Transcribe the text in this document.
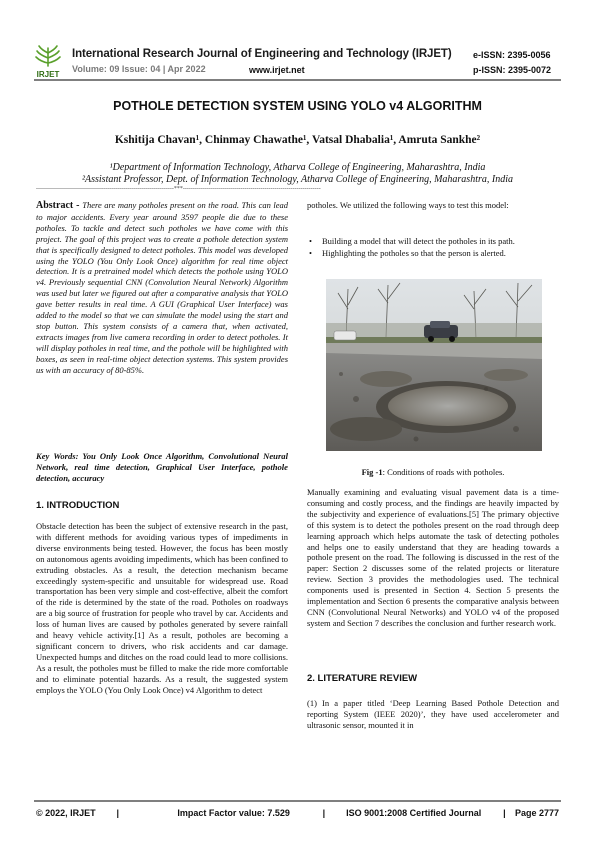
IRJET
International Research Journal of Engineering and Technology (IRJET)
Volume: 09 Issue: 04 | Apr 2022	www.irjet.net
e-ISSN: 2395-0056
p-ISSN: 2395-0072
POTHOLE DETECTION SYSTEM USING YOLO v4 ALGORITHM
Kshitija Chavan¹, Chinmay Chawathe¹, Vatsal Dhabalia¹, Amruta Sankhe²
¹Department of Information Technology, Atharva College of Engineering, Maharashtra, India
²Assistant Professor, Dept. of Information Technology, Atharva College of Engineering, Maharashtra, India
---------------------------------------------------------------------***---------------------------------------------------------------------
Abstract - There are many potholes present on the road. This can lead to major accidents. Every year around 3597 people die due to these potholes. To tackle and detect such potholes we have come with this project. The goal of this project was to create a pothole detection system that is specifically designed to detect potholes. This model was developed using the YOLO (You Only Look Once) algorithm for real time object detection. It is a pretrained model which detects the pothole using YOLO v4. Previously sequential CNN (Convolution Neural Network) Algorithm was used but later we figured out after a comparative analysis that YOLO gave better results in real time. A GUI (Graphical User Interface) was added to the model so that we can simulate the model using the start and stop button. This system consists of a camera that, when activated, extracts images from live camera recording in order to detect potholes. It will display potholes in real time, and the pothole will be highlighted with boxes, as seen in real-time object detection systems. This system provides us with an accuracy of 80-85%.
Key Words: You Only Look Once Algorithm, Convolutional Neural Network, real time detection, Graphical User Interface, pothole detection, accuracy
1. INTRODUCTION
Obstacle detection has been the subject of extensive research in the past, with different methods for avoiding various types of impediments in diverse environments being tested. However, the focus has been mostly on autonomous agents avoiding impediments, which has been confined to extruding obstacles. As a result, the detection mechanism became exceedingly system-specific and unsuitable for widespread use. Road transportation has been very simple and cost-effective, albeit the comfort of the ride is determined by the state of the road. Potholes on roadways are a big source of frustration for people who travel by car. Accidents and loss of human lives are caused by potholes generated by severe rainfall and heavy vehicle activity.[1] As a result, potholes are becoming a significant concern to drivers, who risk accidents and car damage. Unexpected humps and ditches on the road could lead to more collisions. As a result, the potholes must be filled to make the ride more comfortable and to eliminate potential hazards. As a result, the suggested system employs the YOLO (You Only Look Once) v4 Algorithm to detect
potholes. We utilized the following ways to test this model:
• Building a model that will detect the potholes in its path.
• Highlighting the potholes so that the person is alerted.
Fig -1: Conditions of roads with potholes.
Manually examining and evaluating visual pavement data is a time-consuming and costly process, and the findings are heavily impacted by the subjectivity and experience of evaluations.[5] The primary objective of this system is to detect the potholes present on the road through deep learning approach which helps automate the task of detecting potholes and helps one to easily understand that they are heading towards a pothole present on the road. The following is discussed in the rest of the paper: Section 2 discusses some of the related projects or literature review. Section 3 provides the methodologies used. The technical components used is presented in Section 4. Section 5 presents the implementation and Section 6 presents the comparative analysis between CNN (Convolutional Neural Networks) and YOLO v4 of the proposed system and Section 7 describes the conclusion and further research work.
2. LITERATURE REVIEW
(1) In a paper titled ‘Deep Learning Based Pothole Detection and reporting System (IEEE 2020)’, they have used accelerometer and ultrasonic sensor, mounted it in
© 2022, IRJET	|	Impact Factor value: 7.529	|	ISO 9001:2008 Certified Journal	|	Page 2777
